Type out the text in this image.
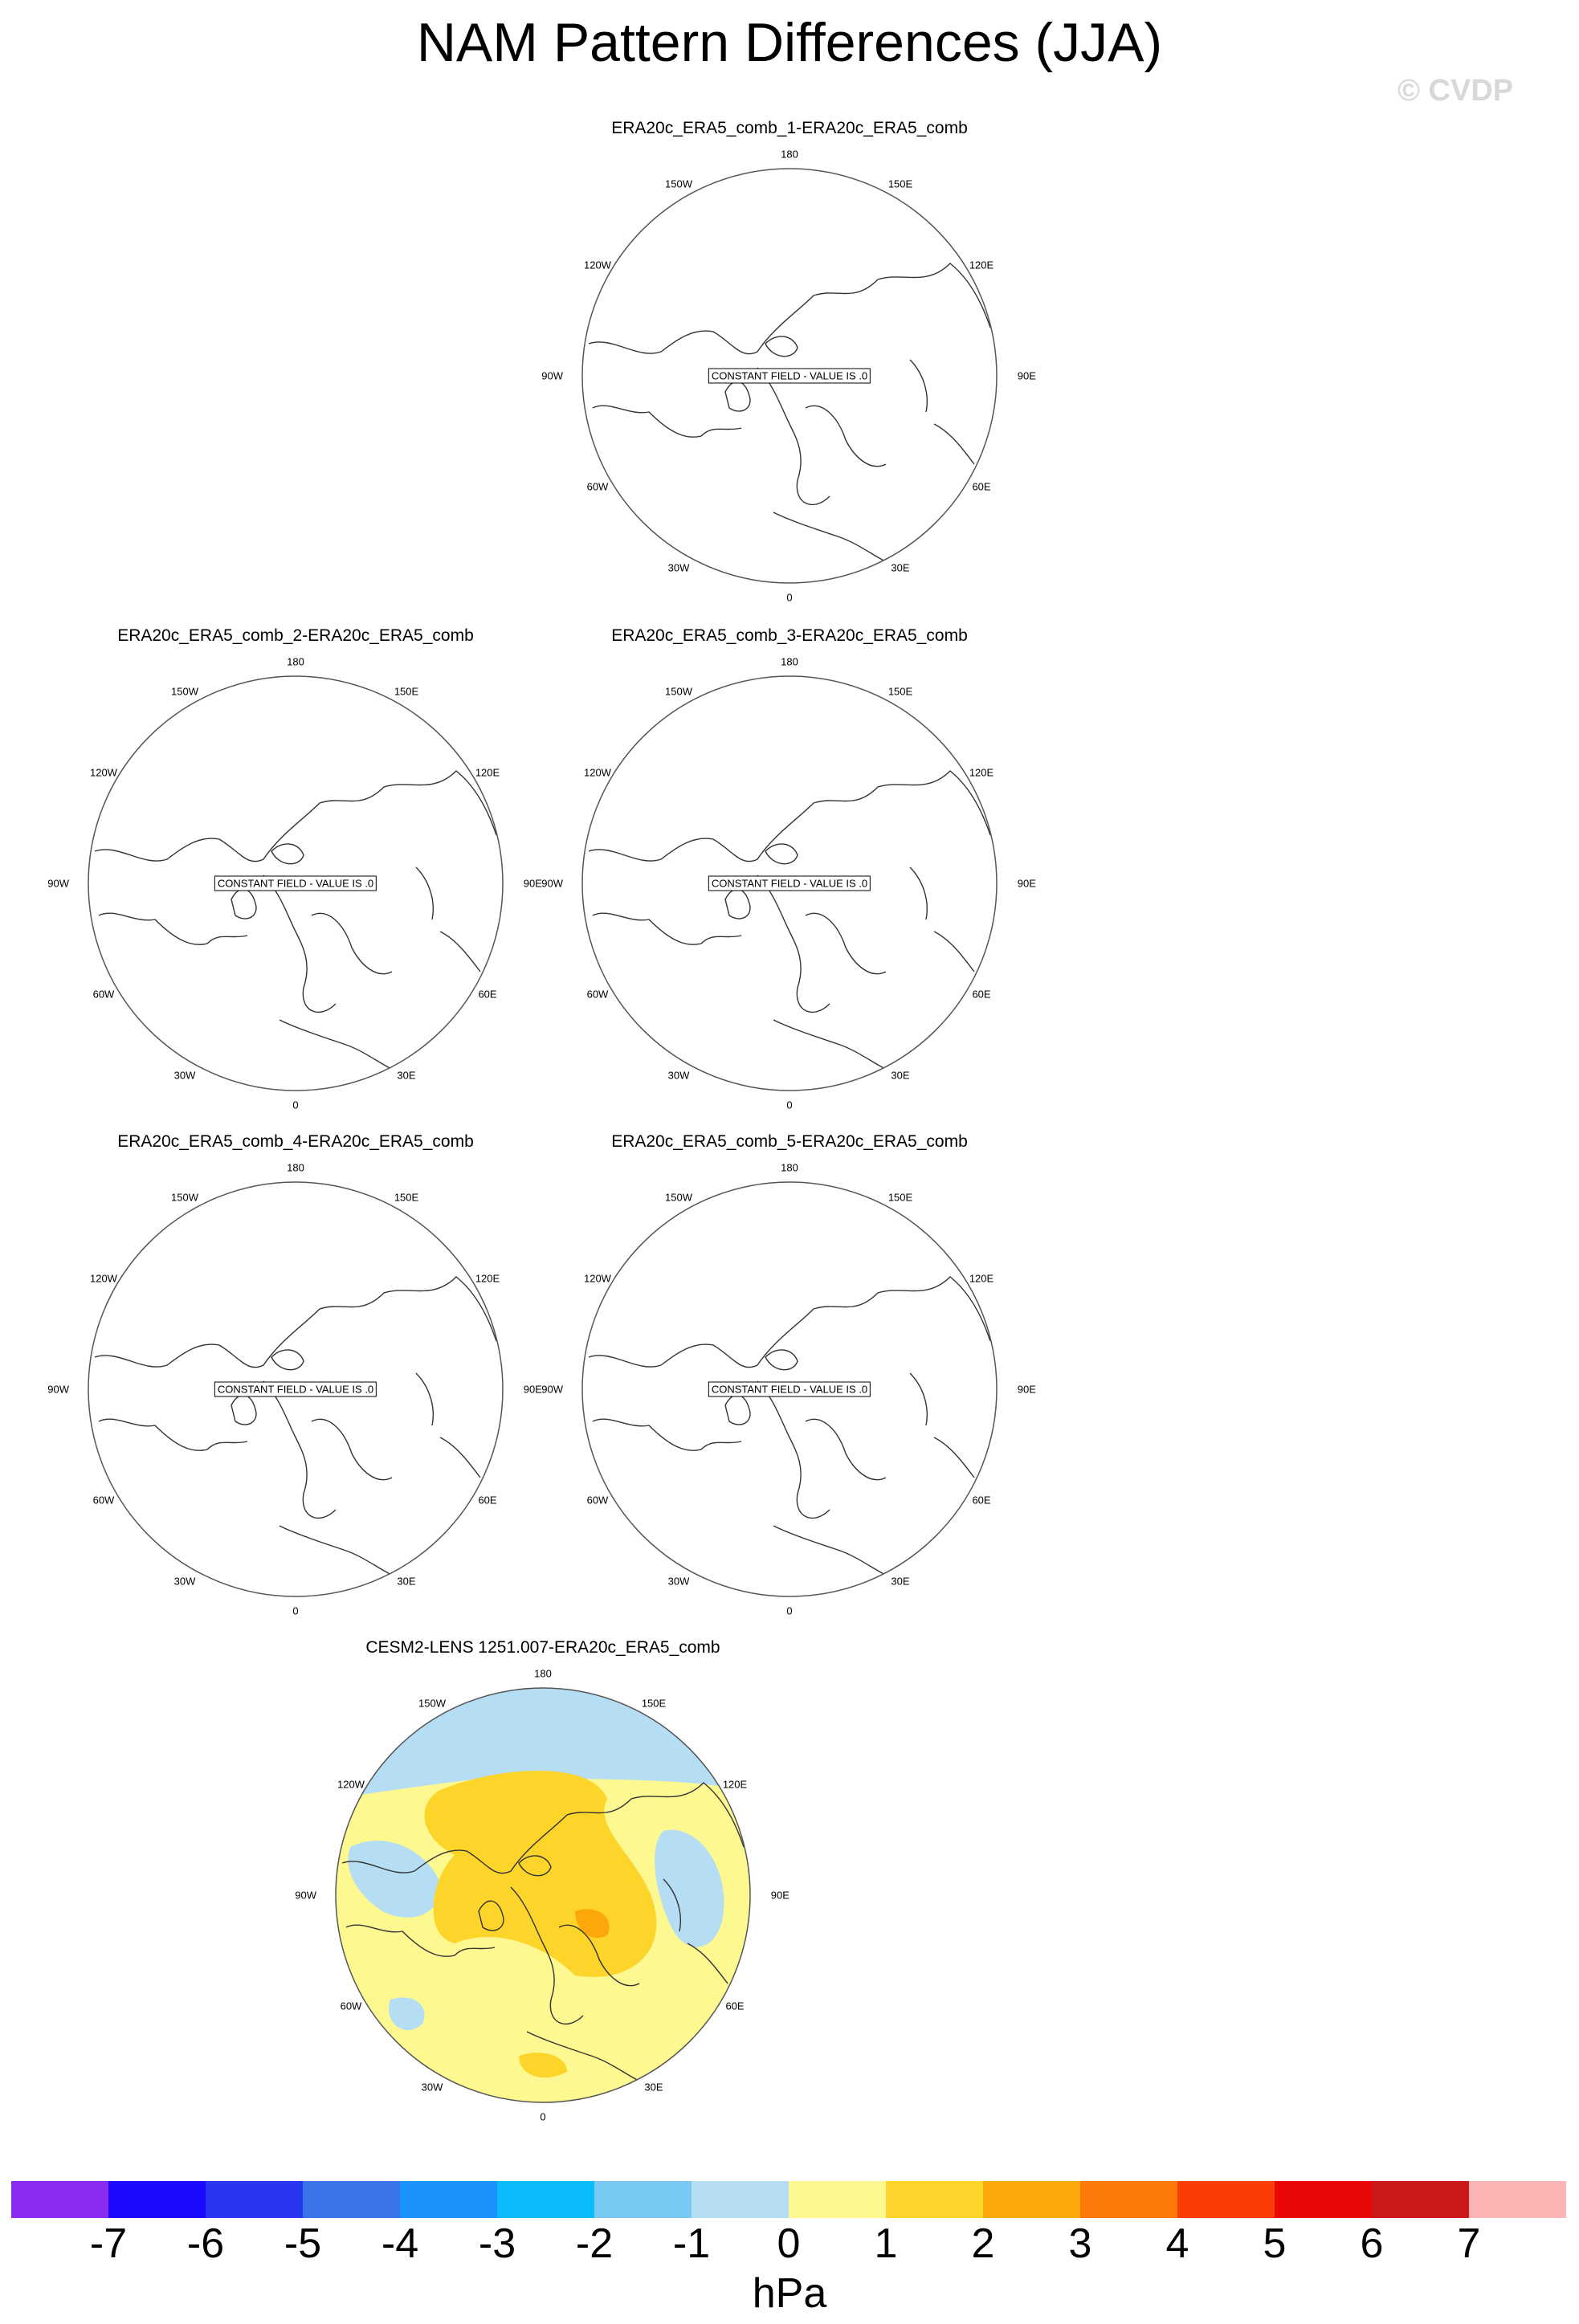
NAM Pattern Differences (JJA)
© CVDP
ERA20c_ERA5_comb_1-ERA20c_ERA5_comb
180
150E
120E
90E
60E
30E
0
30W
60W
90W
120W
150W
CONSTANT FIELD - VALUE IS .0
ERA20c_ERA5_comb_2-ERA20c_ERA5_comb
180
150E
120E
90E
60E
30E
0
30W
60W
90W
120W
150W
CONSTANT FIELD - VALUE IS .0
ERA20c_ERA5_comb_3-ERA20c_ERA5_comb
180
150E
120E
90E
60E
30E
0
30W
60W
90W
120W
150W
CONSTANT FIELD - VALUE IS .0
ERA20c_ERA5_comb_4-ERA20c_ERA5_comb
180
150E
120E
90E
60E
30E
0
30W
60W
90W
120W
150W
CONSTANT FIELD - VALUE IS .0
ERA20c_ERA5_comb_5-ERA20c_ERA5_comb
180
150E
120E
90E
60E
30E
0
30W
60W
90W
120W
150W
CONSTANT FIELD - VALUE IS .0
CESM2-LENS 1251.007-ERA20c_ERA5_comb
180
150E
120E
90E
60E
30E
0
30W
60W
90W
120W
150W
-7 -6 -5 -4 -3 -2 -1 0 1 2 3 4 5 6 7
hPa
